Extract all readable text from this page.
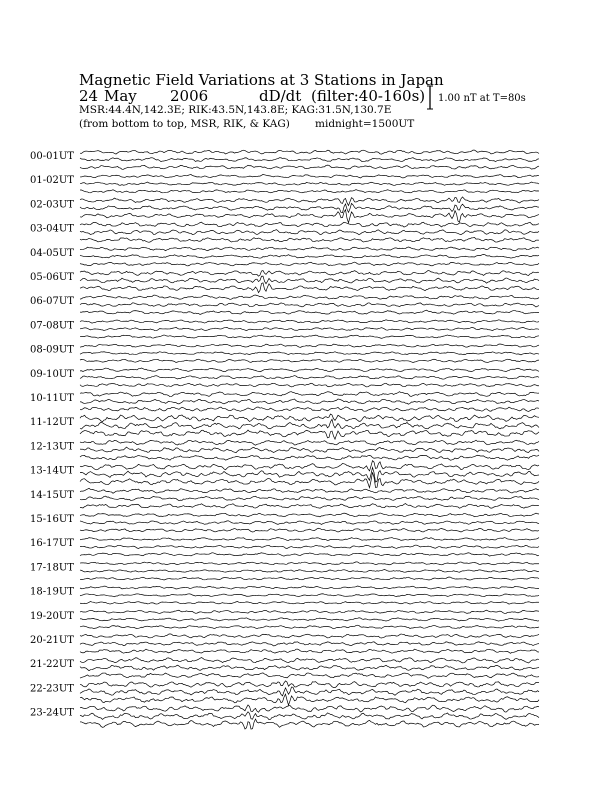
Magnetic Field Variations at 3 Stations in Japan

24

May

2006

	dD/dt

(filter:40-160s)

MSR:44.4N,142.3E; RIK:43.5N,143.8E; KAG:31.5N,130.7E

(from bottom to top, MSR, RIK, & KAG)

midnight=1500UT

1.00 nT at T=80s
00-01UT
01-02UT
02-03UT
03-04UT
04-05UT
05-06UT
06-07UT
07-08UT
08-09UT
09-10UT
10-11UT
11-12UT
12-13UT
13-14UT
14-15UT
15-16UT
16-17UT
17-18UT
18-19UT
19-20UT
20-21UT
21-22UT
22-23UT
23-24UT
